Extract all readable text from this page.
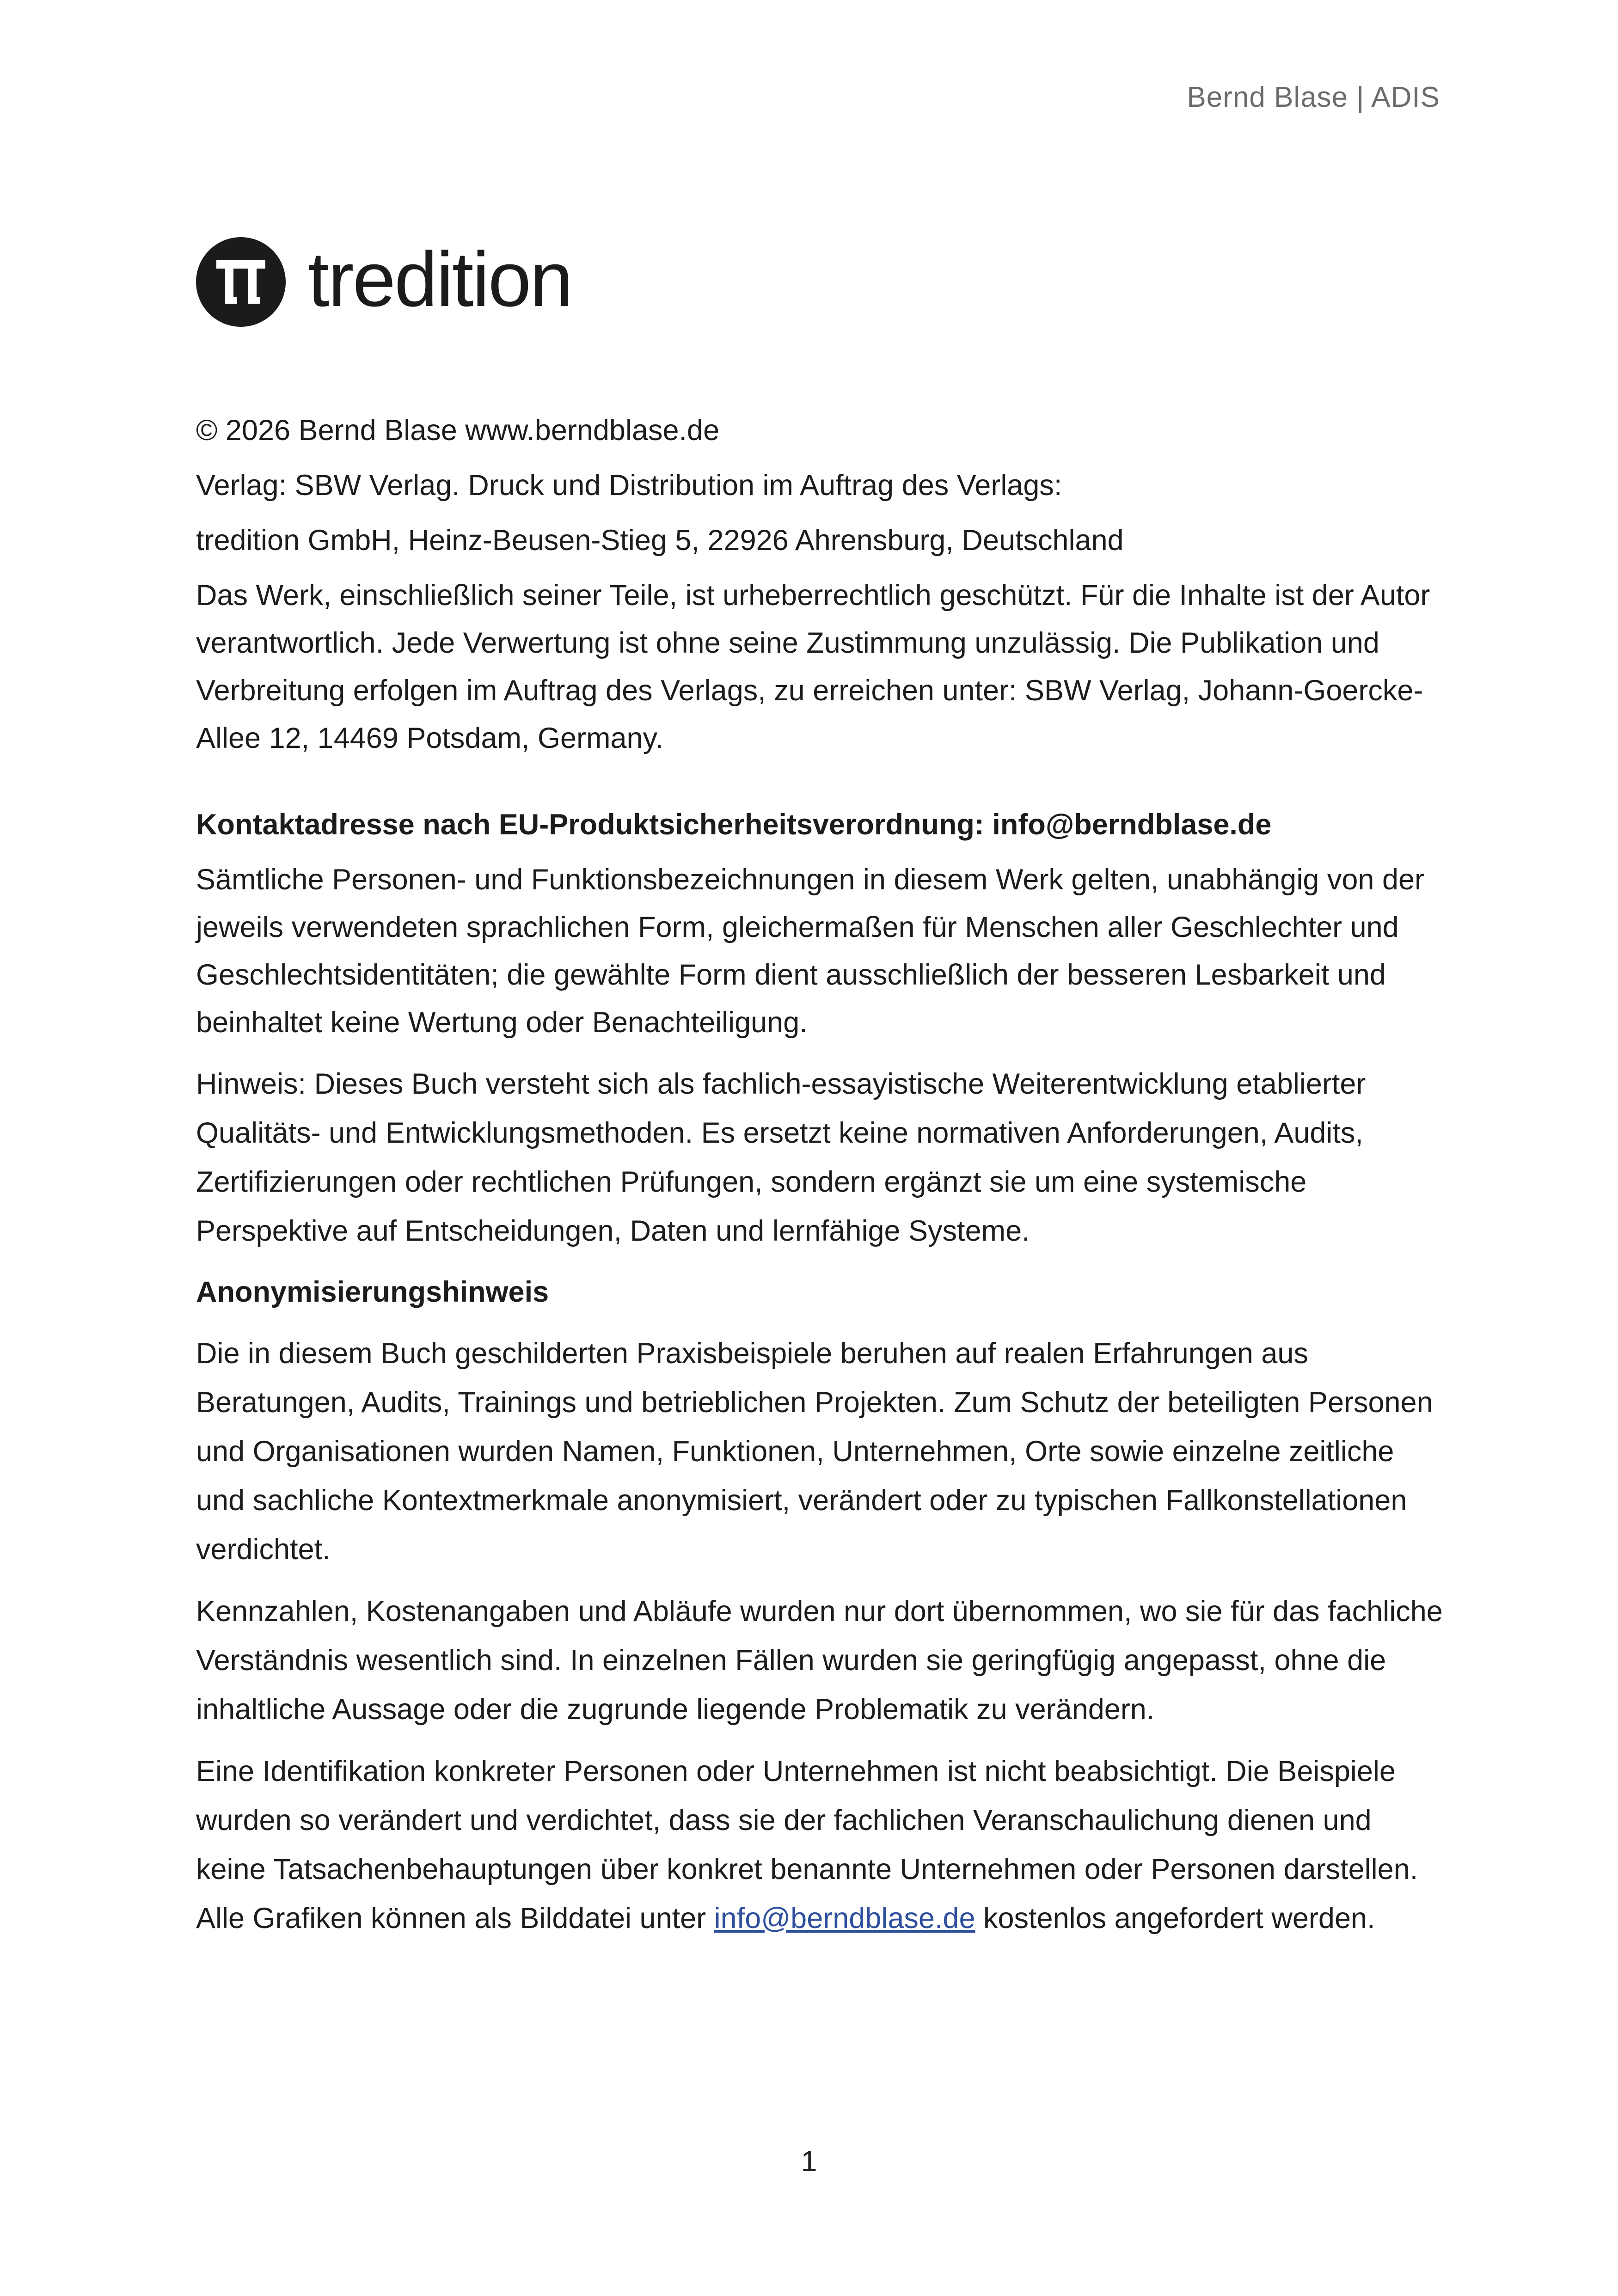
Bernd Blase | ADIS
tredition

© 2026 Bernd Blase www.berndblase.de

Verlag: SBW Verlag. Druck und Distribution im Auftrag des Verlags:

tredition GmbH, Heinz-Beusen-Stieg 5, 22926 Ahrensburg, Deutschland

Das Werk, einschließlich seiner Teile, ist urheberrechtlich geschützt. Für die Inhalte ist der Autor verantwortlich. Jede Verwertung ist ohne seine Zustimmung unzulässig. Die Publikation und Verbreitung erfolgen im Auftrag des Verlags, zu erreichen unter: SBW Verlag, Johann-Goercke-Allee 12, 14469 Potsdam, Germany.

Kontaktadresse nach EU-Produktsicherheitsverordnung: info@berndblase.de

Sämtliche Personen- und Funktionsbezeichnungen in diesem Werk gelten, unabhängig von der jeweils verwendeten sprachlichen Form, gleichermaßen für Menschen aller Geschlechter und Geschlechtsidentitäten; die gewählte Form dient ausschließlich der besseren Lesbarkeit und beinhaltet keine Wertung oder Benachteiligung.

Hinweis: Dieses Buch versteht sich als fachlich-essayistische Weiterentwicklung etablierter Qualitäts- und Entwicklungsmethoden. Es ersetzt keine normativen Anforderungen, Audits, Zertifizierungen oder rechtlichen Prüfungen, sondern ergänzt sie um eine systemische Perspektive auf Entscheidungen, Daten und lernfähige Systeme.

Anonymisierungshinweis

Die in diesem Buch geschilderten Praxisbeispiele beruhen auf realen Erfahrungen aus Beratungen, Audits, Trainings und betrieblichen Projekten. Zum Schutz der beteiligten Personen und Organisationen wurden Namen, Funktionen, Unternehmen, Orte sowie einzelne zeitliche und sachliche Kontextmerkmale anonymisiert, verändert oder zu typischen Fallkonstellationen verdichtet.

Kennzahlen, Kostenangaben und Abläufe wurden nur dort übernommen, wo sie für das fachliche Verständnis wesentlich sind. In einzelnen Fällen wurden sie geringfügig angepasst, ohne die inhaltliche Aussage oder die zugrunde liegende Problematik zu verändern.

Eine Identifikation konkreter Personen oder Unternehmen ist nicht beabsichtigt. Die Beispiele wurden so verändert und verdichtet, dass sie der fachlichen Veranschaulichung dienen und keine Tatsachenbehauptungen über konkret benannte Unternehmen oder Personen darstellen. Alle Grafiken können als Bilddatei unter info@berndblase.de kostenlos angefordert werden.

1
